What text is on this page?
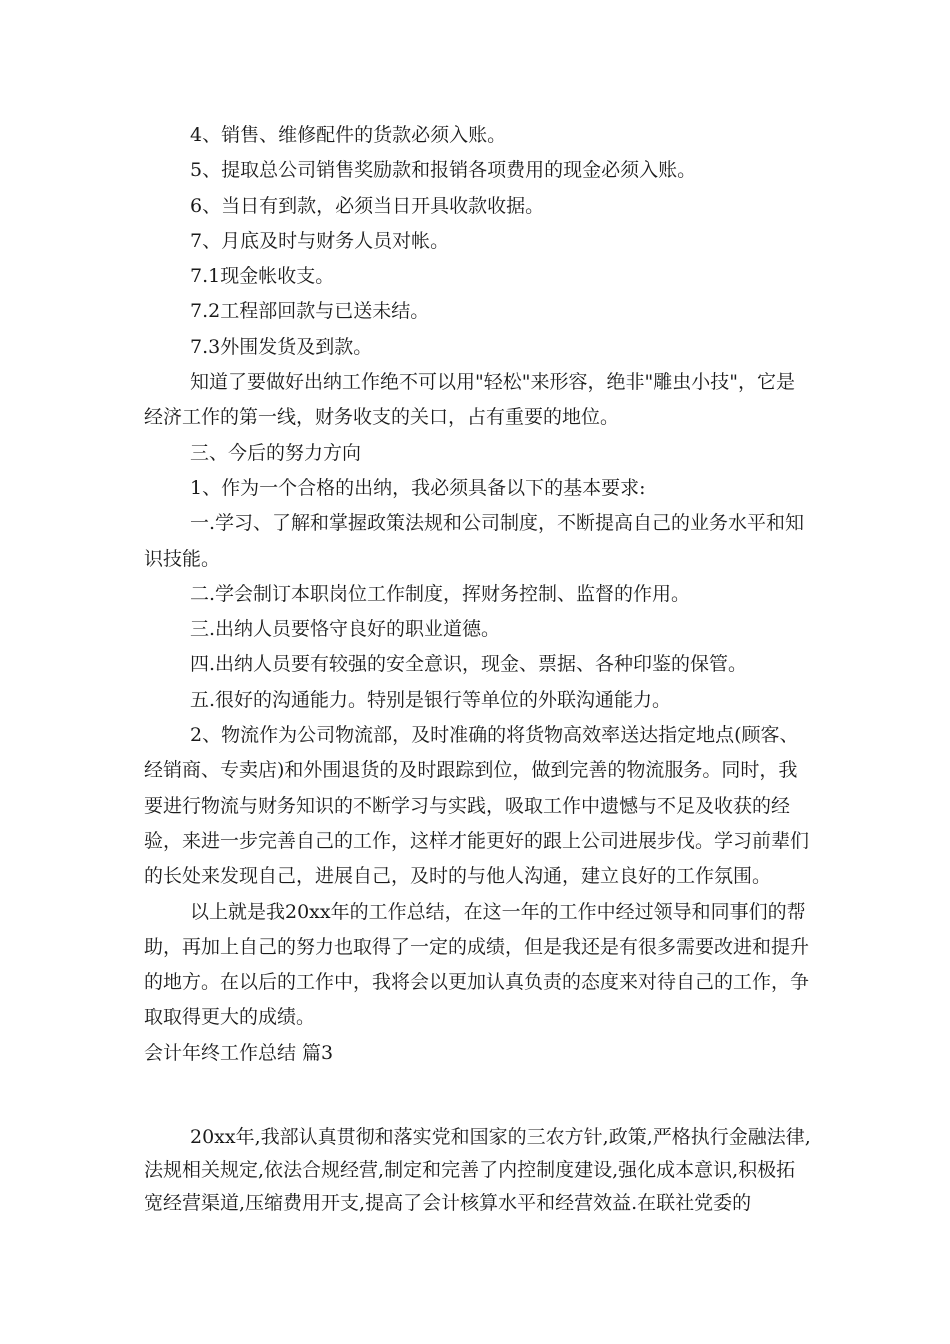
4、销售、维修配件的货款必须入账。

5、提取总公司销售奖励款和报销各项费用的现金必须入账。

6、当日有到款，必须当日开具收款收据。

7、月底及时与财务人员对帐。

7.1现金帐收支。

7.2工程部回款与已送未结。

7.3外围发货及到款。

知道了要做好出纳工作绝不可以用"轻松"来形容，绝非"雕虫小技"，它是经济工作的第一线，财务收支的关口，占有重要的地位。

三、今后的努力方向

1、作为一个合格的出纳，我必须具备以下的基本要求:

一.学习、了解和掌握政策法规和公司制度，不断提高自己的业务水平和知识技能。

二.学会制订本职岗位工作制度，挥财务控制、监督的作用。

三.出纳人员要恪守良好的职业道德。

四.出纳人员要有较强的安全意识，现金、票据、各种印鉴的保管。

五.很好的沟通能力。特别是银行等单位的外联沟通能力。

2、物流作为公司物流部，及时准确的将货物高效率送达指定地点(顾客、经销商、专卖店)和外围退货的及时跟踪到位，做到完善的物流服务。同时，我要进行物流与财务知识的不断学习与实践，吸取工作中遗憾与不足及收获的经验，来进一步完善自己的工作，这样才能更好的跟上公司进展步伐。学习前辈们的长处来发现自己，进展自己，及时的与他人沟通，建立良好的工作氛围。

以上就是我20xx年的工作总结，在这一年的工作中经过领导和同事们的帮助，再加上自己的努力也取得了一定的成绩，但是我还是有很多需要改进和提升的地方。在以后的工作中，我将会以更加认真负责的态度来对待自己的工作，争取取得更大的成绩。

会计年终工作总结 篇3

20xx年,我部认真贯彻和落实党和国家的三农方针,政策,严格执行金融法律,法规相关规定,依法合规经营,制定和完善了内控制度建设,强化成本意识,积极拓宽经营渠道,压缩费用开支,提高了会计核算水平和经营效益.在联社党委的
